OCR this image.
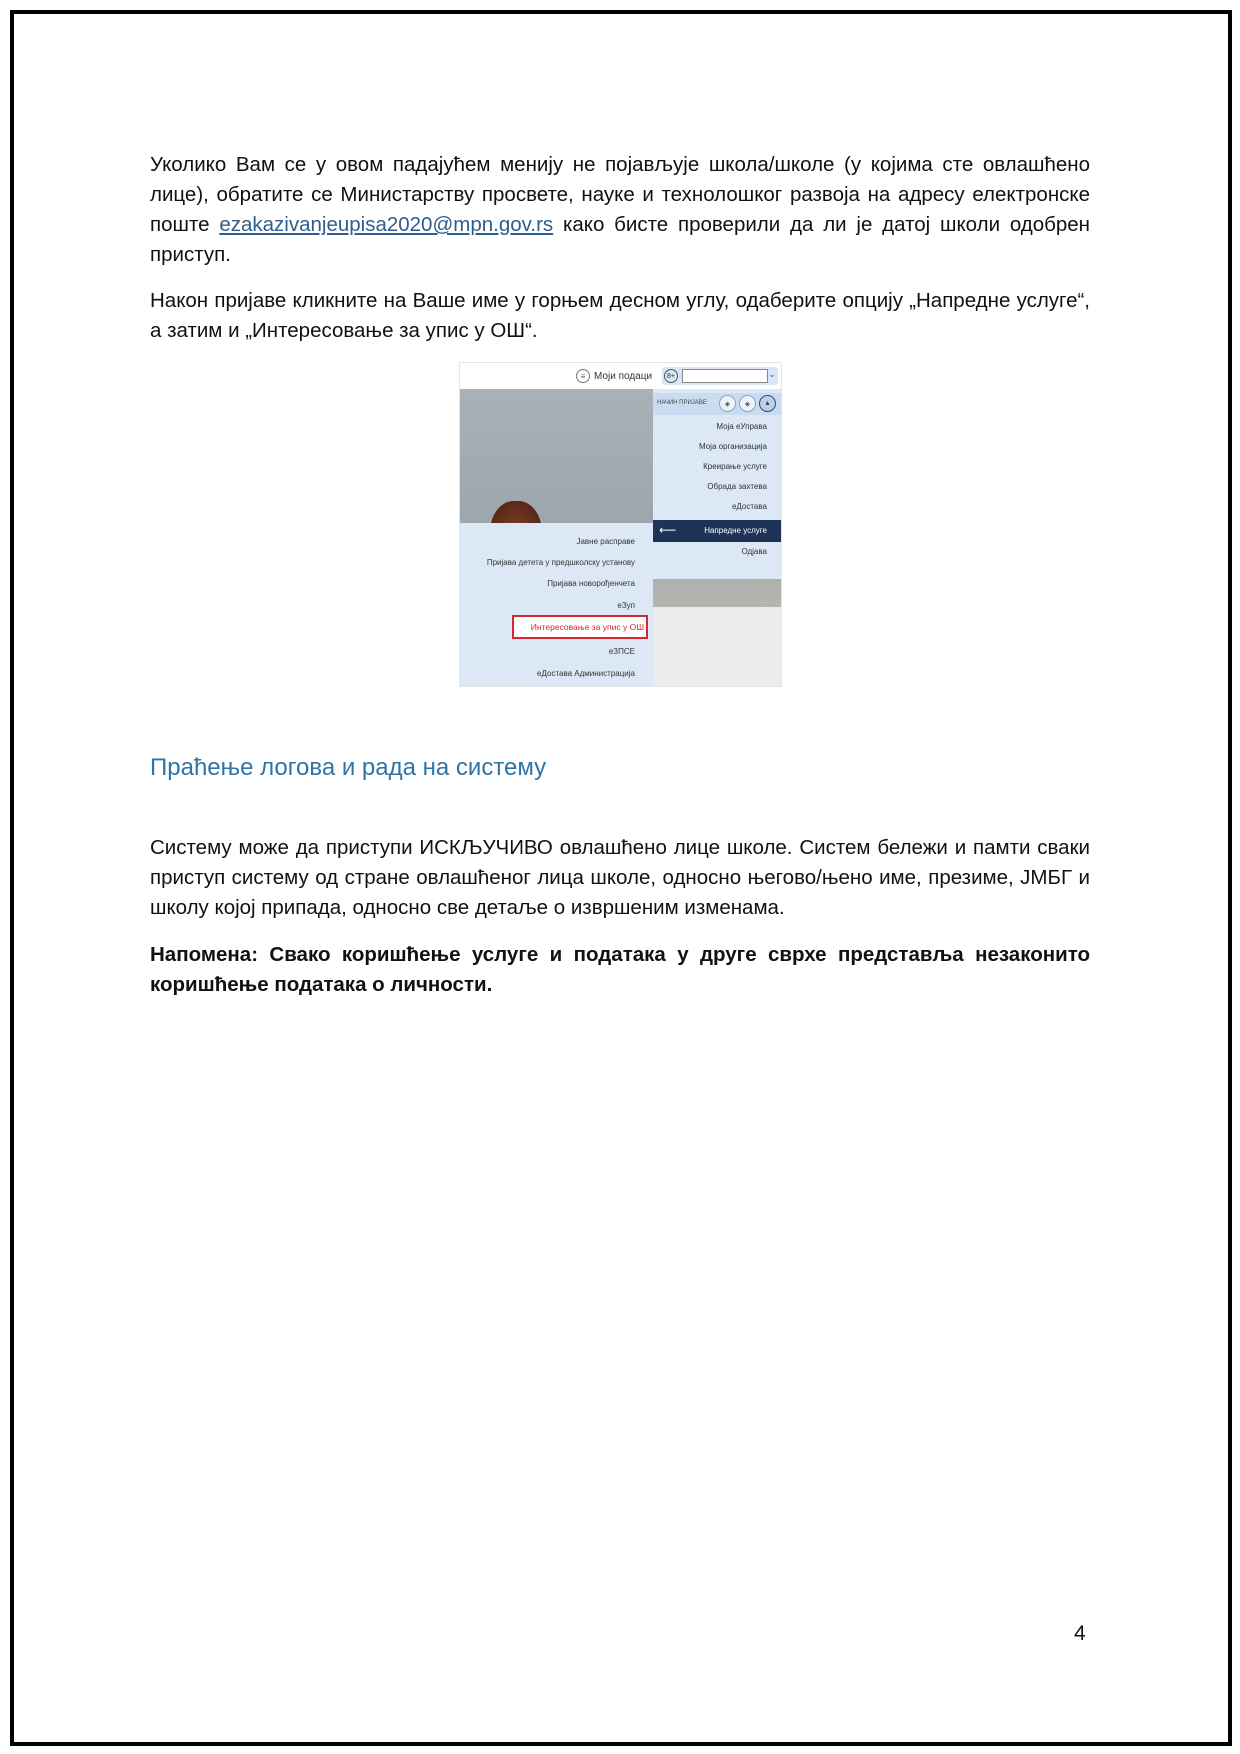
Уколико Вам се у овом падајућем менију не појављује школа/школе (у којима сте овлашћено лице), обратите се Министарству просвете, науке и технолошког развоја на адресу електронске поште ezakazivanjeupisa2020@mpn.gov.rs како бисте проверили да ли је датој школи одобрен приступ.

Након пријаве кликните на Ваше име у горњем десном углу, одаберите опцију „Напредне услуге“, а затим и „Интересовање за упис у ОШ“.

≡ Моји подаци	8+	⌄
НАЧИН ПРИЈАВЕ	◈	◈	▲
Моја еУправа
Моја организација
Креирање услуге
Обрада захтева
еДостава
⟵	Напредне услуге
Одјава
Јавне расправе
Пријава детета у предшколску установу
Пријава новорођенчета
еЗуп
Интересовање за упис у ОШ
еЗПСЕ
еДостава Администрација
Праћење логова и рада на систему

Систему може да приступи ИСКЉУЧИВО овлашћено лице школе. Систем бележи и памти сваки приступ систему од стране овлашћеног лица школе, односно његово/њено име, презиме, ЈМБГ и школу којој припада, односно све детаље о извршеним изменама.

Напомена: Свако коришћење услуге и података у друге сврхе представља незаконито коришћење података о личности.

4
